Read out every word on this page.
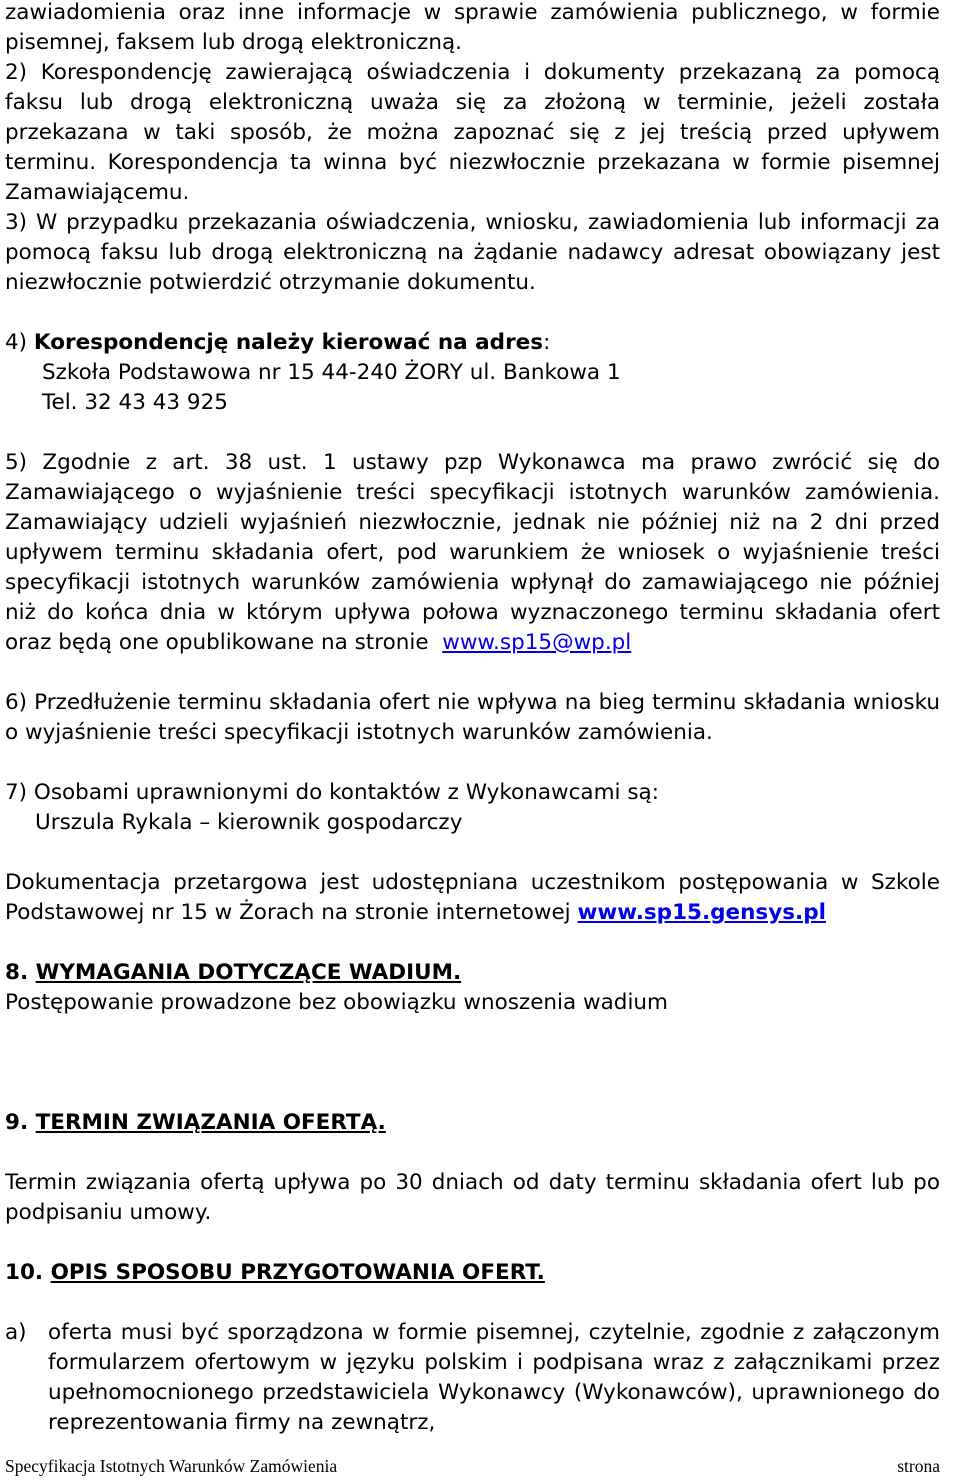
zawiadomienia oraz inne informacje w sprawie zamówienia publicznego, w formie pisemnej, faksem lub drogą elektroniczną.

2) Korespondencję zawierającą oświadczenia i dokumenty przekazaną za pomocą faksu lub drogą elektroniczną uważa się za złożoną w terminie, jeżeli została przekazana w taki sposób, że można zapoznać się z jej treścią przed upływem terminu. Korespondencja ta winna być niezwłocznie przekazana w formie pisemnej Zamawiającemu.

3) W przypadku przekazania oświadczenia, wniosku, zawiadomienia lub informacji za pomocą faksu lub drogą elektroniczną na żądanie nadawcy adresat obowiązany jest niezwłocznie potwierdzić otrzymanie dokumentu.

4) Korespondencję należy kierować na adres:

Szkoła Podstawowa nr 15 44-240 ŻORY ul. Bankowa 1

Tel. 32 43 43 925

5) Zgodnie z art. 38 ust. 1 ustawy pzp Wykonawca ma prawo zwrócić się do Zamawiającego o wyjaśnienie treści specyfikacji istotnych warunków zamówienia. Zamawiający udzieli wyjaśnień niezwłocznie, jednak nie później niż na 2 dni przed upływem terminu składania ofert, pod warunkiem że wniosek o wyjaśnienie treści specyfikacji istotnych warunków zamówienia wpłynął do zamawiającego nie później niż do końca dnia w którym upływa połowa wyznaczonego terminu składania ofert oraz będą one opublikowane na stronie www.sp15@wp.pl

6) Przedłużenie terminu składania ofert nie wpływa na bieg terminu składania wniosku o wyjaśnienie treści specyfikacji istotnych warunków zamówienia.

7) Osobami uprawnionymi do kontaktów z Wykonawcami są:

Urszula Rykala – kierownik gospodarczy

Dokumentacja przetargowa jest udostępniana uczestnikom postępowania w Szkole Podstawowej nr 15 w Żorach na stronie internetowej www.sp15.gensys.pl

8. WYMAGANIA DOTYCZĄCE WADIUM.

Postępowanie prowadzone bez obowiązku wnoszenia wadium

9. TERMIN ZWIĄZANIA OFERTĄ.

Termin związania ofertą upływa po 30 dniach od daty terminu składania ofert lub po podpisaniu umowy.

10. OPIS SPOSOBU PRZYGOTOWANIA OFERT.

a) oferta musi być sporządzona w formie pisemnej, czytelnie, zgodnie z załączonym formularzem ofertowym w języku polskim i podpisana wraz z załącznikami przez upełnomocnionego przedstawiciela Wykonawcy (Wykonawców), uprawnionego do reprezentowania firmy na zewnątrz,
Specyfikacja Istotnych Warunków Zamówienia	strona
